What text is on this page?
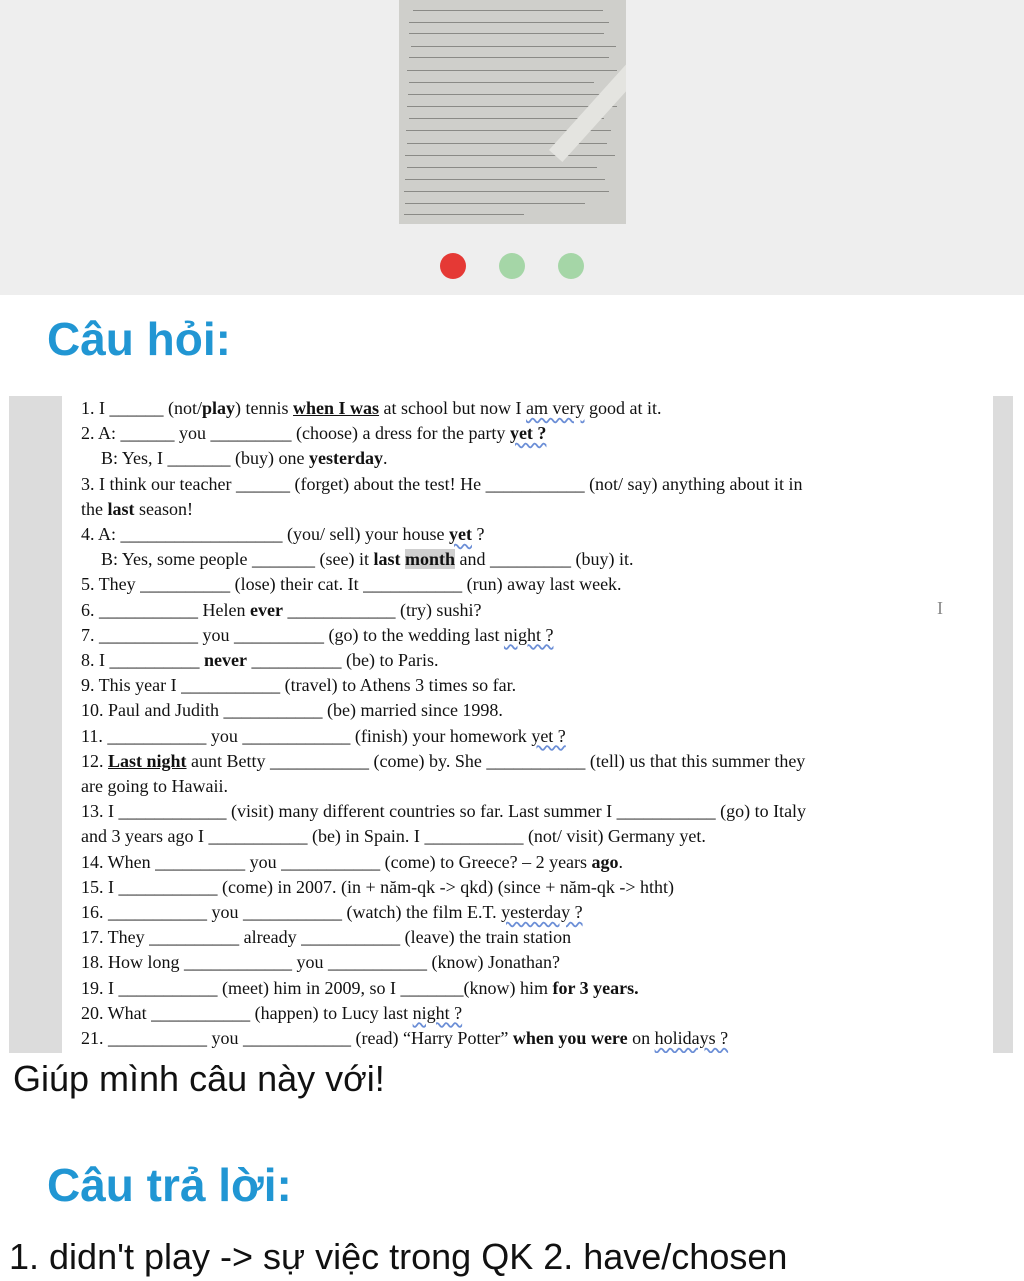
Câu hỏi:
1. I ______ (not/play) tennis when I was at school but now I am very good at it.
2. A: ______ you _________ (choose) a dress for the party yet ?
B: Yes, I _______ (buy) one yesterday.
3. I think our teacher ______ (forget) about the test! He ___________ (not/ say) anything about it in
the last season!
4. A: __________________ (you/ sell) your house yet ?
B: Yes, some people _______ (see) it last month and _________ (buy) it.
5. They __________ (lose) their cat. It ___________ (run) away last week.
6. ___________ Helen ever ____________ (try) sushi?
7. ___________ you __________ (go) to the wedding last night ?
8. I __________ never __________ (be) to Paris.
9. This year I ___________ (travel) to Athens 3 times so far.
10. Paul and Judith ___________ (be) married since 1998.
11. ___________ you ____________ (finish) your homework yet ?
12. Last night aunt Betty ___________ (come) by. She ___________ (tell) us that this summer they
are going to Hawaii.
13. I ____________ (visit) many different countries so far. Last summer I ___________ (go) to Italy
and 3 years ago I ___________ (be) in Spain. I ___________ (not/ visit) Germany yet.
14. When __________ you ___________ (come) to Greece? – 2 years ago.
15. I ___________ (come) in 2007. (in + năm-qk -> qkd) (since + năm-qk -> htht)
16. ___________ you ___________ (watch) the film E.T. yesterday ?
17. They __________ already ___________ (leave) the train station
18. How long ____________ you ___________ (know) Jonathan?
19. I ___________ (meet) him in 2009, so I _______(know) him for 3 years.
20. What ___________ (happen) to Lucy last night ?
21. ___________ you ____________ (read) “Harry Potter” when you were on holidays ?
I

Giúp mình câu này với!

Câu trả lời:

1. didn't play -> sự việc trong QK 2. have/chosen
